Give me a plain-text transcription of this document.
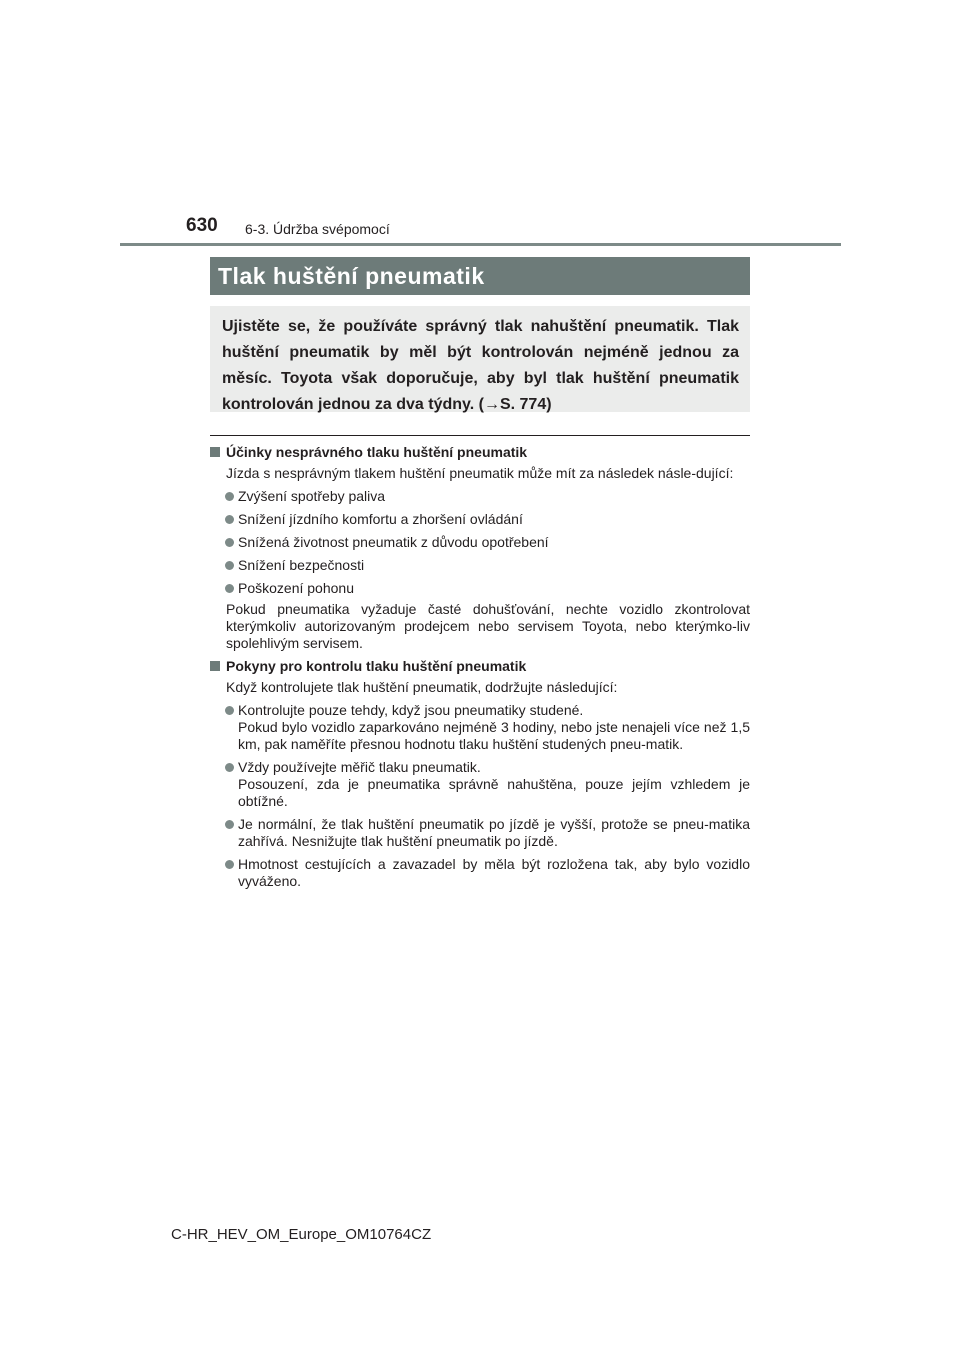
630 6-3. Údržba svépomocí
Tlak huštění pneumatik

Ujistěte se, že používáte správný tlak nahuštění pneumatik. Tlak huštění pneumatik by měl být kontrolován nejméně jednou za měsíc. Toyota však doporučuje, aby byl tlak huštění pneumatik kontrolován jednou za dva týdny. (→S. 774)

Účinky nesprávného tlaku huštění pneumatik
Jízda s nesprávným tlakem huštění pneumatik může mít za následek násle-dující:
Zvýšení spotřeby paliva
Snížení jízdního komfortu a zhoršení ovládání
Snížená životnost pneumatik z důvodu opotřebení
Snížení bezpečnosti
Poškození pohonu
Pokud pneumatika vyžaduje časté dohušťování, nechte vozidlo zkontrolovat kterýmkoliv autorizovaným prodejcem nebo servisem Toyota, nebo kterýmko-liv spolehlivým servisem.
Pokyny pro kontrolu tlaku huštění pneumatik
Když kontrolujete tlak huštění pneumatik, dodržujte následující:
Kontrolujte pouze tehdy, když jsou pneumatiky studené.
Pokud bylo vozidlo zaparkováno nejméně 3 hodiny, nebo jste nenajeli více než 1,5 km, pak naměříte přesnou hodnotu tlaku huštění studených pneu-matik.
Vždy používejte měřič tlaku pneumatik.
Posouzení, zda je pneumatika správně nahuštěna, pouze jejím vzhledem je obtížné.
Je normální, že tlak huštění pneumatik po jízdě je vyšší, protože se pneu-matika zahřívá. Nesnižujte tlak huštění pneumatik po jízdě.
Hmotnost cestujících a zavazadel by měla být rozložena tak, aby bylo vozidlo vyváženo.
C-HR_HEV_OM_Europe_OM10764CZ
